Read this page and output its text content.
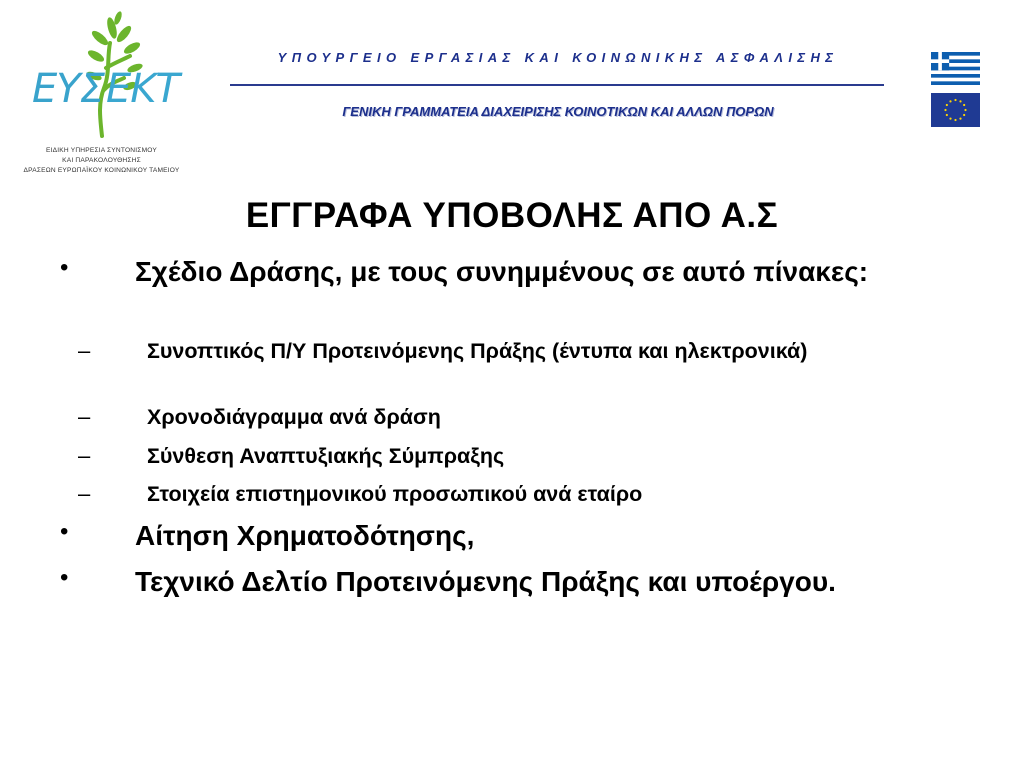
ΕΥΣΕΚΤ
ΕΙΔΙΚΗ ΥΠΗΡΕΣΙΑ ΣΥΝΤΟΝΙΣΜΟΥ
ΚΑΙ ΠΑΡΑΚΟΛΟΥΘΗΣΗΣ
ΔΡΑΣΕΩΝ ΕΥΡΩΠΑΪΚΟΥ ΚΟΙΝΩΝΙΚΟΥ ΤΑΜΕΙΟΥ
ΥΠΟΥΡΓΕΙΟ ΕΡΓΑΣΙΑΣ ΚΑΙ ΚΟΙΝΩΝΙΚΗΣ ΑΣΦΑΛΙΣΗΣ
ΓΕΝΙΚΗ ΓΡΑΜΜΑΤΕΙΑ ΔΙΑΧΕΙΡΙΣΗΣ ΚΟΙΝΟΤΙΚΩΝ ΚΑΙ ΑΛΛΩΝ ΠΟΡΩΝ
ΕΓΓΡΑΦΑ ΥΠΟΒΟΛΗΣ ΑΠΟ Α.Σ
• Σχέδιο Δράσης, με τους συνημμένους σε αυτό πίνακες:
–	Συνοπτικός Π/Υ Προτεινόμενης Πράξης (έντυπα και ηλεκτρονικά)
–	Χρονοδιάγραμμα ανά δράση
–	Σύνθεση Αναπτυξιακής Σύμπραξης
–	Στοιχεία επιστημονικού προσωπικού ανά εταίρο
• Αίτηση Χρηματοδότησης,
• Τεχνικό Δελτίο Προτεινόμενης Πράξης και υποέργου.
